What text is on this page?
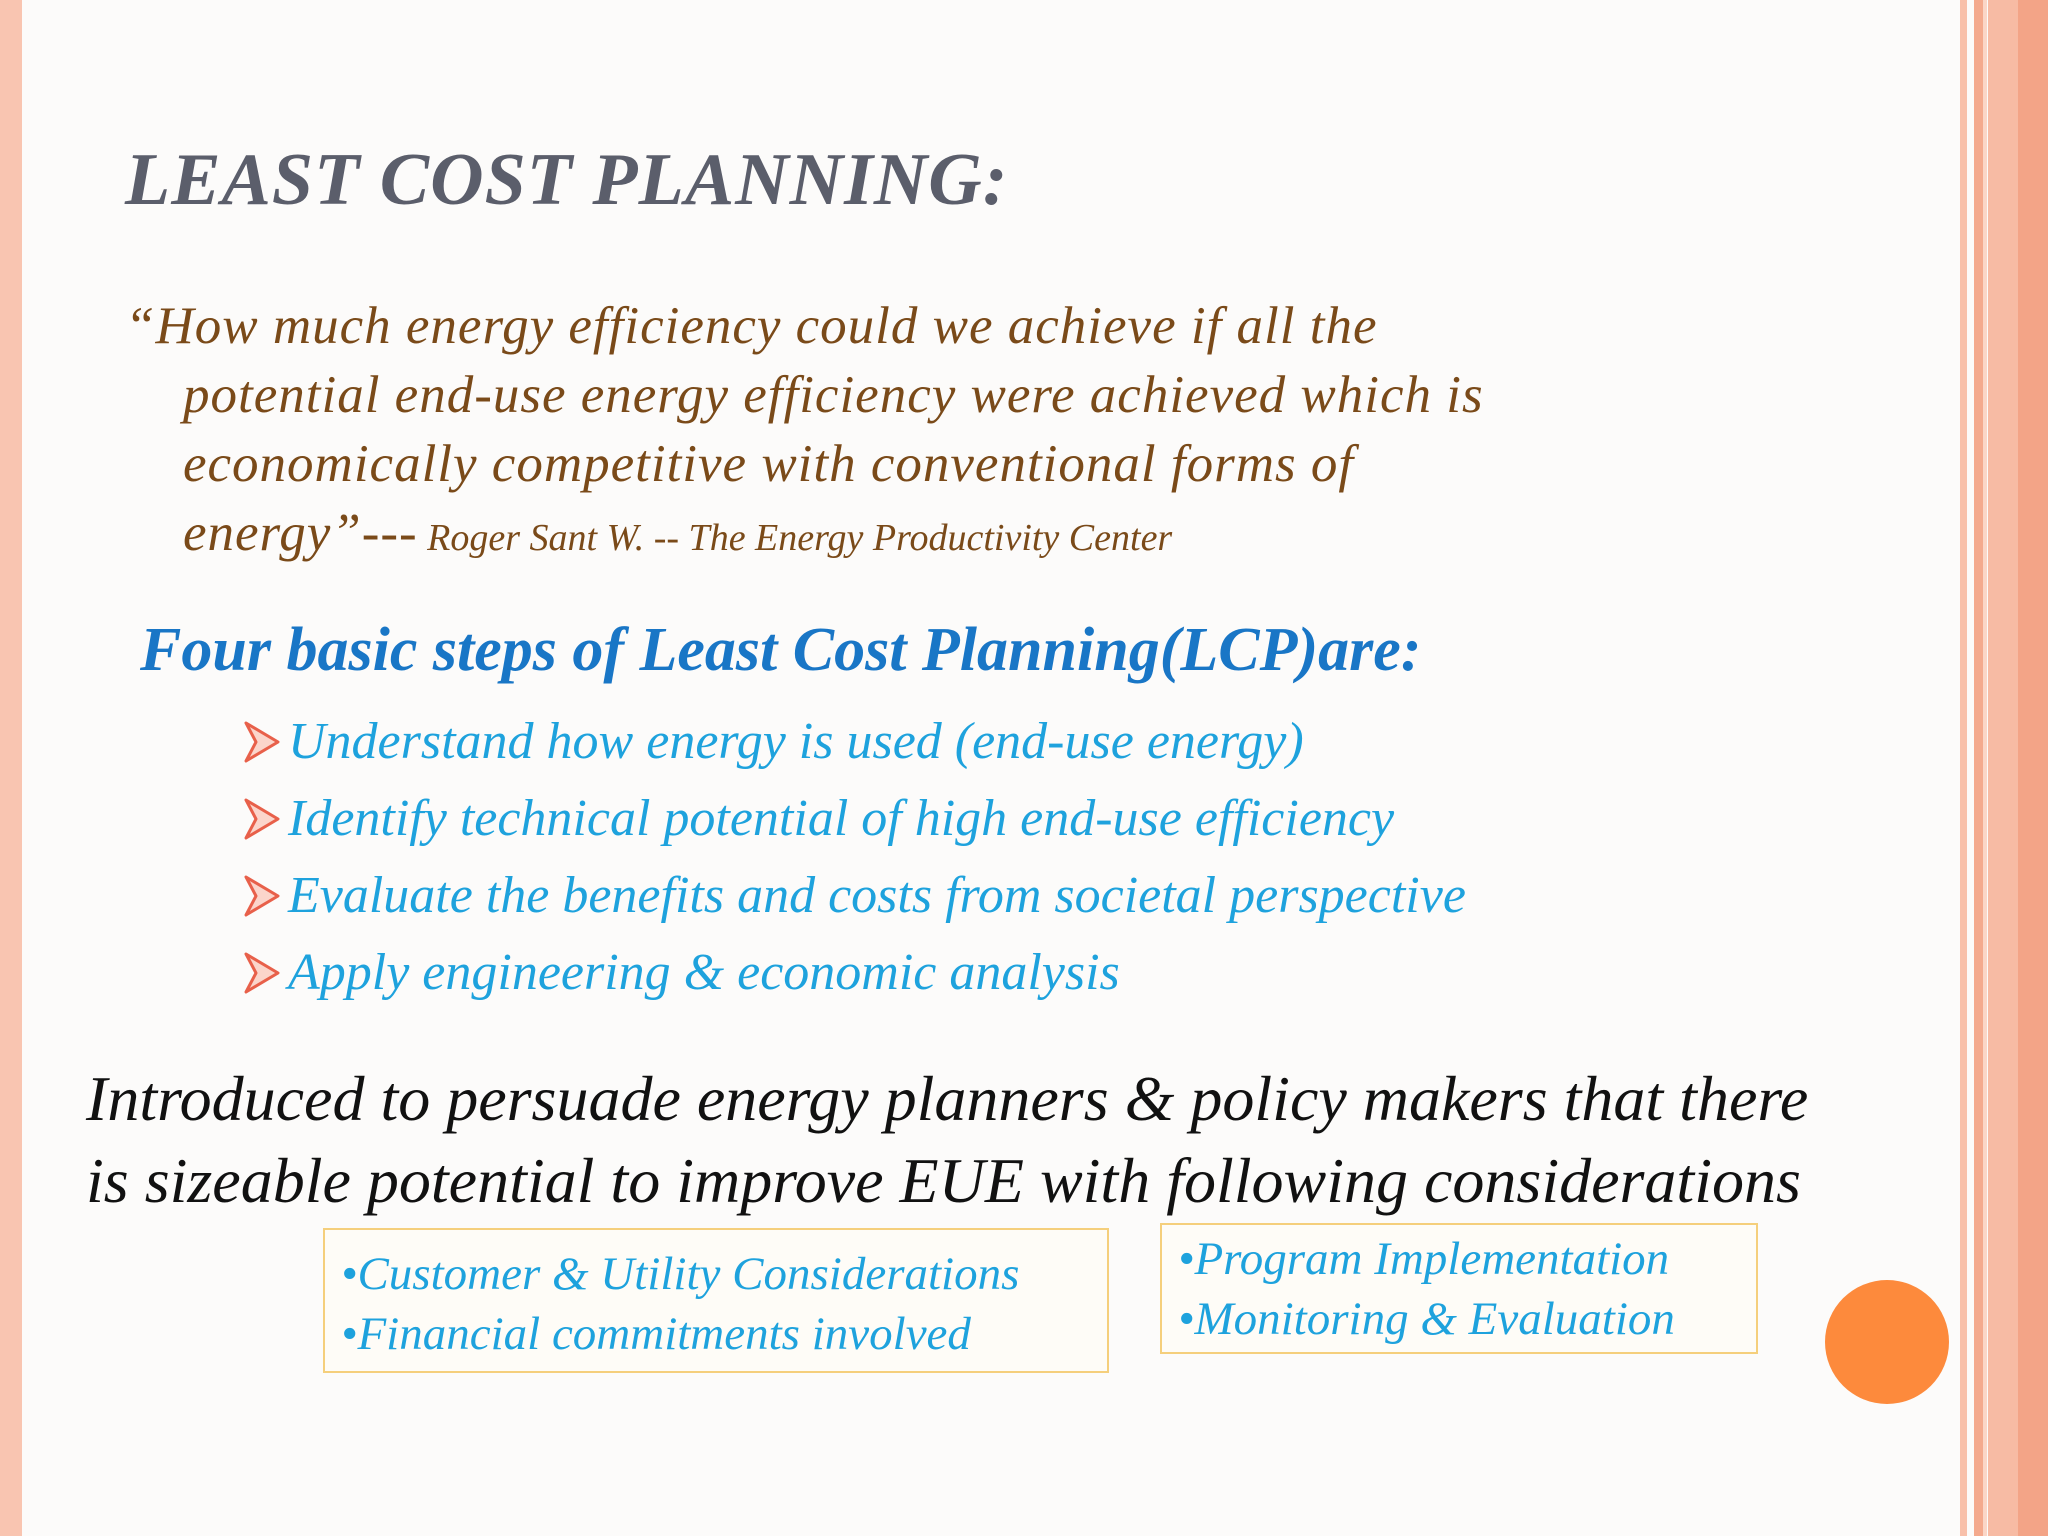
LEAST COST PLANNING:
“How much energy efficiency could we achieve if all the
potential end-use energy efficiency were achieved which is
economically competitive with conventional forms of
energy”--- Roger Sant W. -- The Energy Productivity Center
Four basic steps of Least Cost Planning(LCP)are:
Understand how energy is used (end-use energy)
Identify technical potential of high end-use efficiency
Evaluate the benefits and costs from societal perspective
Apply engineering & economic analysis

Introduced to persuade energy planners & policy makers that there
is sizeable potential to improve EUE with following considerations

•Customer & Utility Considerations
•Financial commitments involved
•Program Implementation
•Monitoring & Evaluation
